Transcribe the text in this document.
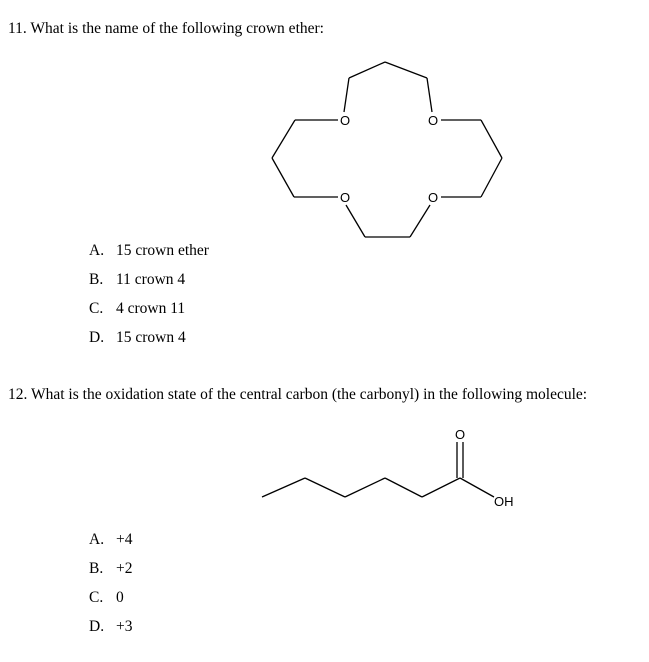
11. What is the name of the following crown ether:
O	O
O	O
O
OH
A. 15 crown ether
B. 11 crown 4
C. 4 crown 11
D. 15 crown 4
12. What is the oxidation state of the central carbon (the carbonyl) in the following molecule:
A. +4
B. +2
C. 0
D. +3
